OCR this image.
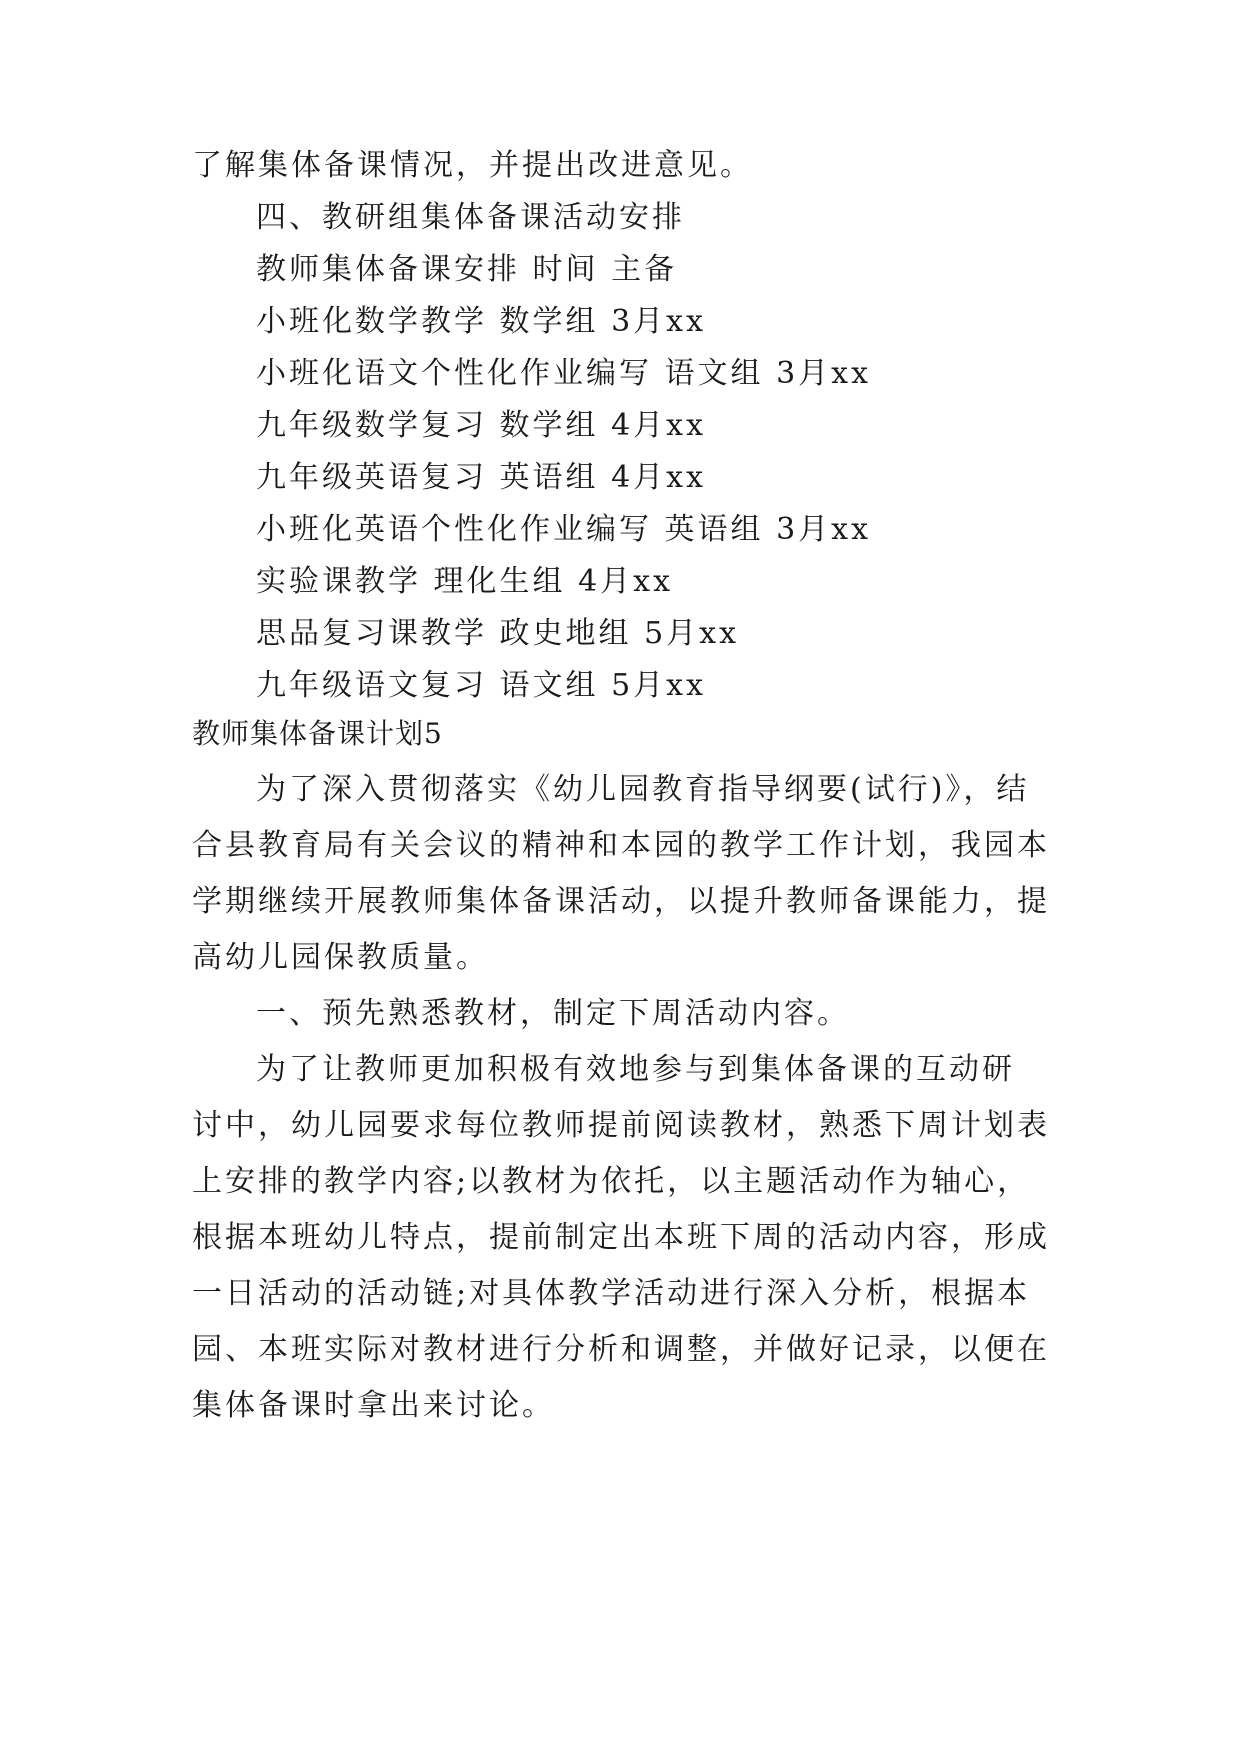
了解集体备课情况，并提出改进意见。
四、教研组集体备课活动安排
教师集体备课安排 时间 主备
小班化数学教学 数学组 3月xx
小班化语文个性化作业编写 语文组 3月xx
九年级数学复习 数学组 4月xx
九年级英语复习 英语组 4月xx
小班化英语个性化作业编写 英语组 3月xx
实验课教学 理化生组 4月xx
思品复习课教学 政史地组 5月xx
九年级语文复习 语文组 5月xx
教师集体备课计划5
为了深入贯彻落实《幼儿园教育指导纲要(试行)》，结
合县教育局有关会议的精神和本园的教学工作计划，我园本
学期继续开展教师集体备课活动，以提升教师备课能力，提
高幼儿园保教质量。
一、预先熟悉教材，制定下周活动内容。
为了让教师更加积极有效地参与到集体备课的互动研
讨中，幼儿园要求每位教师提前阅读教材，熟悉下周计划表
上安排的教学内容;以教材为依托，以主题活动作为轴心，
根据本班幼儿特点，提前制定出本班下周的活动内容，形成
一日活动的活动链;对具体教学活动进行深入分析，根据本
园、本班实际对教材进行分析和调整，并做好记录，以便在
集体备课时拿出来讨论。
